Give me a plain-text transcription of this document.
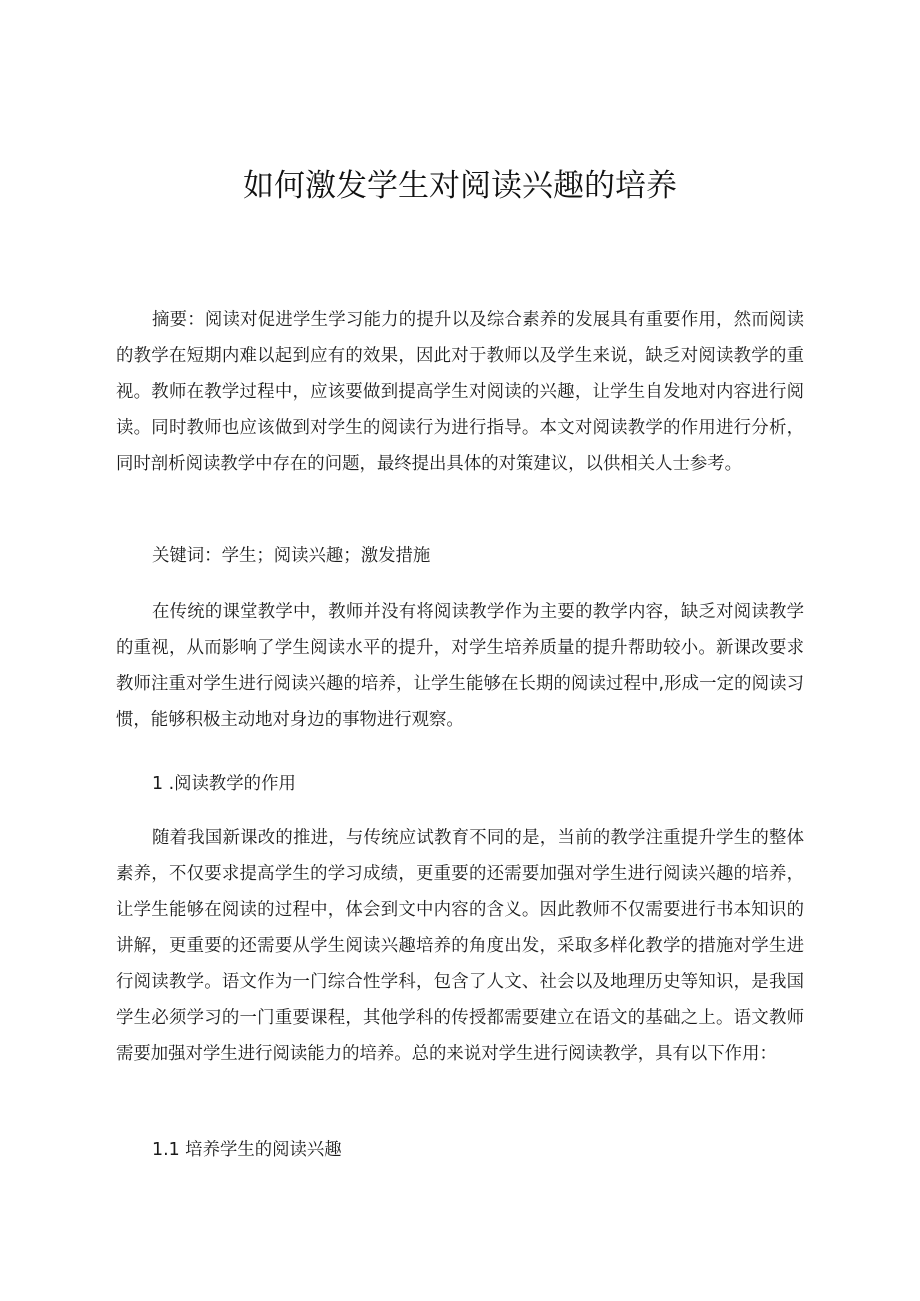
如何激发学生对阅读兴趣的培养

摘要：阅读对促进学生学习能力的提升以及综合素养的发展具有重要作用，然而阅读的教学在短期内难以起到应有的效果，因此对于教师以及学生来说，缺乏对阅读教学的重视。教师在教学过程中，应该要做到提高学生对阅读的兴趣，让学生自发地对内容进行阅读。同时教师也应该做到对学生的阅读行为进行指导。本文对阅读教学的作用进行分析，同时剖析阅读教学中存在的问题，最终提出具体的对策建议，以供相关人士参考。

关键词：学生；阅读兴趣；激发措施

在传统的课堂教学中，教师并没有将阅读教学作为主要的教学内容，缺乏对阅读教学的重视，从而影响了学生阅读水平的提升，对学生培养质量的提升帮助较小。新课改要求教师注重对学生进行阅读兴趣的培养，让学生能够在长期的阅读过程中,形成一定的阅读习惯，能够积极主动地对身边的事物进行观察。

1 .阅读教学的作用

随着我国新课改的推进，与传统应试教育不同的是，当前的教学注重提升学生的整体素养，不仅要求提高学生的学习成绩，更重要的还需要加强对学生进行阅读兴趣的培养，让学生能够在阅读的过程中，体会到文中内容的含义。因此教师不仅需要进行书本知识的讲解，更重要的还需要从学生阅读兴趣培养的角度出发，采取多样化教学的措施对学生进行阅读教学。语文作为一门综合性学科，包含了人文、社会以及地理历史等知识，是我国学生必须学习的一门重要课程，其他学科的传授都需要建立在语文的基础之上。语文教师需要加强对学生进行阅读能力的培养。总的来说对学生进行阅读教学，具有以下作用：

1.1 培养学生的阅读兴趣
